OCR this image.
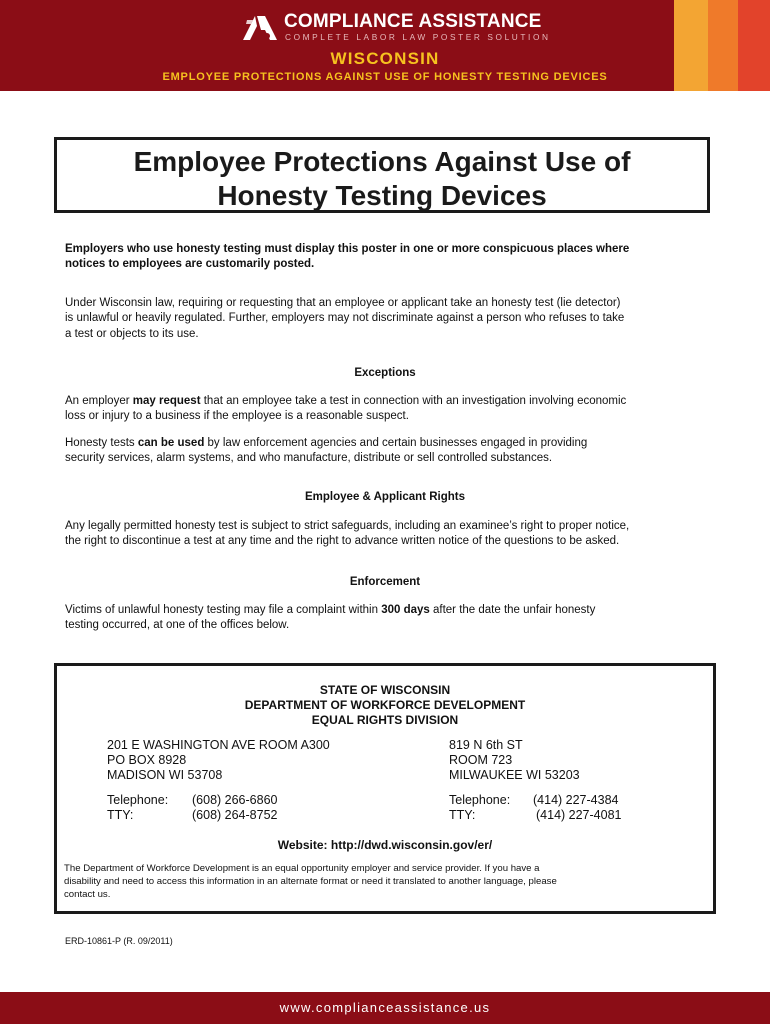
COMPLIANCE ASSISTANCE
COMPLETE LABOR LAW POSTER SOLUTION
WISCONSIN
EMPLOYEE PROTECTIONS AGAINST USE OF HONESTY TESTING DEVICES
Employee Protections Against Use of
Honesty Testing Devices
Employers who use honesty testing must display this poster in one or more conspicuous places where
notices to employees are customarily posted.
Under Wisconsin law, requiring or requesting that an employee or applicant take an honesty test (lie detector)
is unlawful or heavily regulated. Further, employers may not discriminate against a person who refuses to take
a test or objects to its use.
Exceptions
An employer may request that an employee take a test in connection with an investigation involving economic
loss or injury to a business if the employee is a reasonable suspect.
Honesty tests can be used by law enforcement agencies and certain businesses engaged in providing
security services, alarm systems, and who manufacture, distribute or sell controlled substances.
Employee & Applicant Rights
Any legally permitted honesty test is subject to strict safeguards, including an examinee’s right to proper notice,
the right to discontinue a test at any time and the right to advance written notice of the questions to be asked.
Enforcement
Victims of unlawful honesty testing may file a complaint within 300 days after the date the unfair honesty
testing occurred, at one of the offices below.
STATE OF WISCONSIN
DEPARTMENT OF WORKFORCE DEVELOPMENT
EQUAL RIGHTS DIVISION
201 E WASHINGTON AVE ROOM A300
PO BOX 8928
MADISON WI 53708
819 N 6th ST
ROOM 723
MILWAUKEE WI 53203
Telephone: (608) 266-6860
TTY:	(608) 264-8752
Telephone: (414) 227-4384
TTY:	(414) 227-4081
Website: http://dwd.wisconsin.gov/er/
The Department of Workforce Development is an equal opportunity employer and service provider. If you have a
disability and need to access this information in an alternate format or need it translated to another language, please
contact us.
ERD-10861-P (R. 09/2011)
www.complianceassistance.us
